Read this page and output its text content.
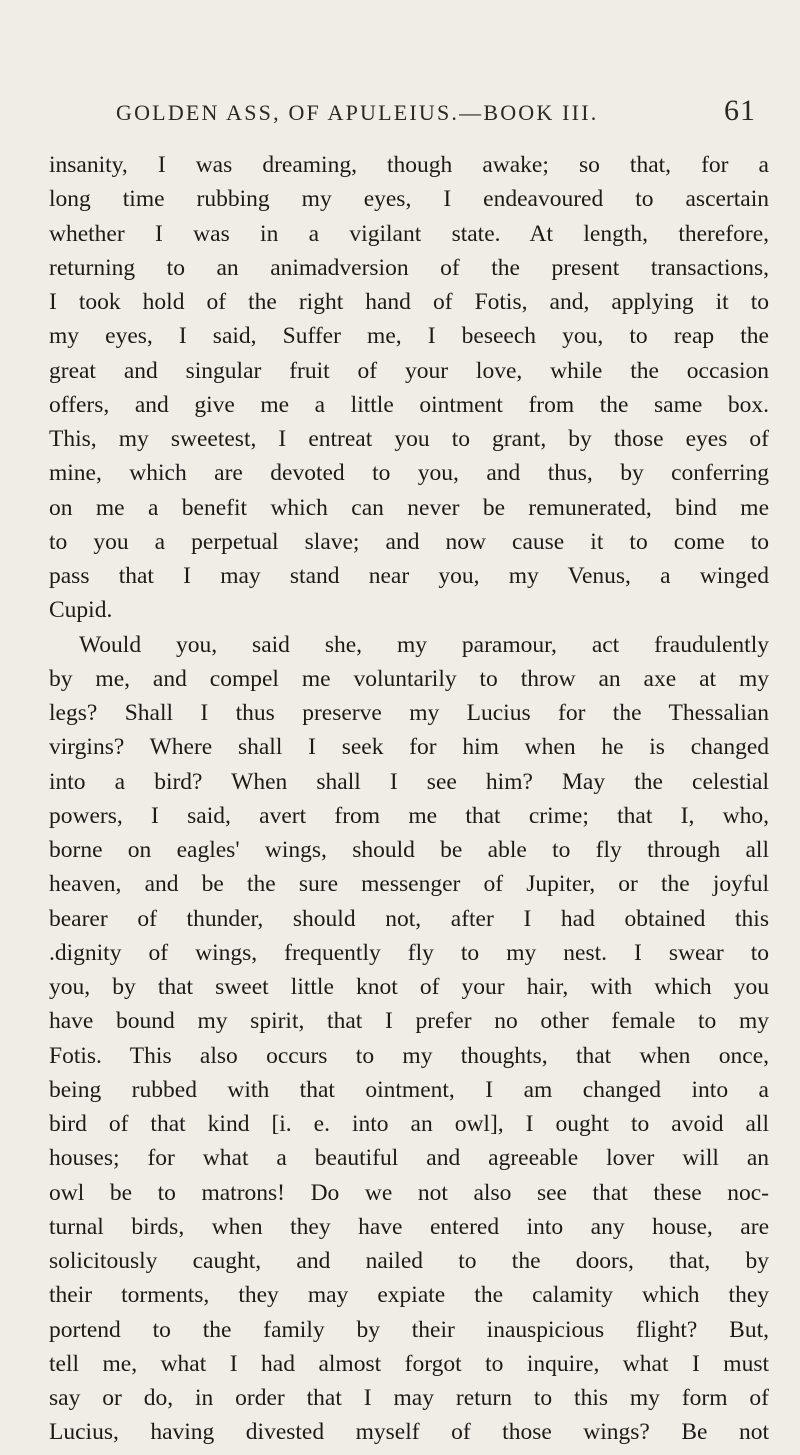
GOLDEN ASS, OF APULEIUS.—BOOK III.	61
insanity, I was dreaming, though awake; so that, for a
long time rubbing my eyes, I endeavoured to ascertain
whether I was in a vigilant state. At length, therefore,
returning to an animadversion of the present transactions,
I took hold of the right hand of Fotis, and, applying it to
my eyes, I said, Suffer me, I beseech you, to reap the
great and singular fruit of your love, while the occasion
offers, and give me a little ointment from the same box.
This, my sweetest, I entreat you to grant, by those eyes of
mine, which are devoted to you, and thus, by conferring
on me a benefit which can never be remunerated, bind me
to you a perpetual slave; and now cause it to come to
pass that I may stand near you, my Venus, a winged
Cupid.
Would you, said she, my paramour, act fraudulently
by me, and compel me voluntarily to throw an axe at my
legs? Shall I thus preserve my Lucius for the Thessalian
virgins? Where shall I seek for him when he is changed
into a bird? When shall I see him? May the celestial
powers, I said, avert from me that crime; that I, who,
borne on eagles' wings, should be able to fly through all
heaven, and be the sure messenger of Jupiter, or the joyful
bearer of thunder, should not, after I had obtained this
.dignity of wings, frequently fly to my nest. I swear to
you, by that sweet little knot of your hair, with which you
have bound my spirit, that I prefer no other female to my
Fotis. This also occurs to my thoughts, that when once,
being rubbed with that ointment, I am changed into a
bird of that kind [i. e. into an owl], I ought to avoid all
houses; for what a beautiful and agreeable lover will an
owl be to matrons! Do we not also see that these noc-
turnal birds, when they have entered into any house, are
solicitously caught, and nailed to the doors, that, by
their torments, they may expiate the calamity which they
portend to the family by their inauspicious flight? But,
tell me, what I had almost forgot to inquire, what I must
say or do, in order that I may return to this my form of
Lucius, having divested myself of those wings? Be not
